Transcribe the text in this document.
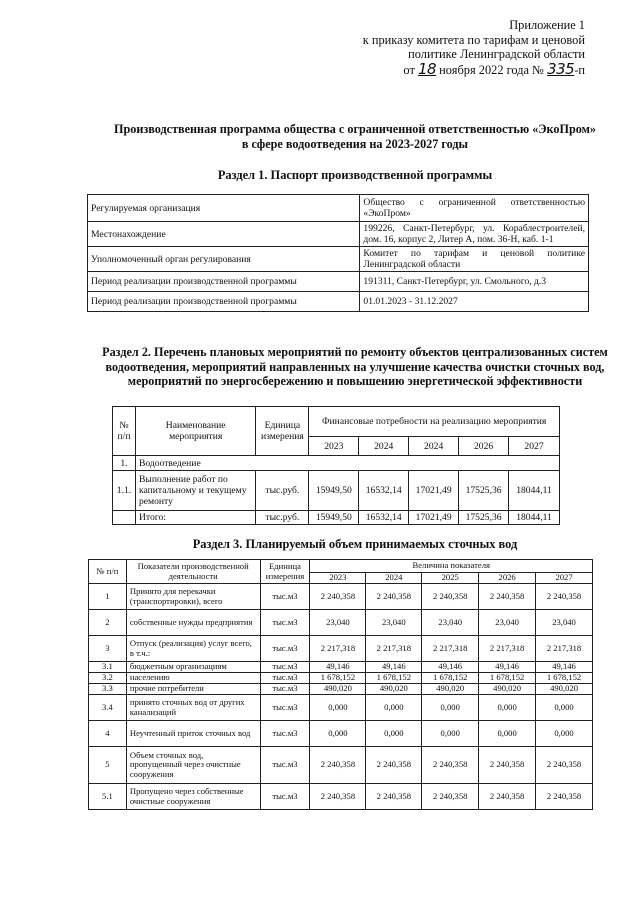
Приложение 1
к приказу комитета по тарифам и ценовой
политике Ленинградской области
от 18 ноября 2022 года № 335-п
Производственная программа общества с ограниченной ответственностью «ЭкоПром»
в сфере водоотведения на 2023-2027 годы
Раздел 1. Паспорт производственной программы
Регулируемая организация	Общество с ограниченной ответственностью «ЭкоПром»
Местонахождение	199226, Санкт-Петербург, ул. Кораблестроителей, дом. 16, корпус 2, Литер А, пом. 36-Н, каб. 1-1
Уполномоченный орган регулирования	Комитет по тарифам и ценовой политике Ленинградской области
Период реализации производственной программы	191311, Санкт-Петербург, ул. Смольного, д.3
Период реализации производственной программы	01.01.2023 - 31.12.2027
Раздел 2. Перечень плановых мероприятий по ремонту объектов централизованных систем
водоотведения, мероприятий направленных на улучшение качества очистки сточных вод,
мероприятий по энергосбережению и повышению энергетической эффективности
№ п/п	Наименование мероприятия	Единица измерения	Финансовые потребности на реализацию мероприятия				
			2023	2024	2024	2026	2027
1.	Водоотведение						
1.1.	Выполнение работ по капитальному и текущему ремонту	тыс.руб.	15949,50	16532,14	17021,49	17525,36	18044,11
	Итого:	тыс.руб.	15949,50	16532,14	17021,49	17525,36	18044,11
Раздел 3. Планируемый объем принимаемых сточных вод
№ п/п	Показатели производственной деятельности	Единица измерения	Величина показателя				
			2023	2024	2025	2026	2027
1	Принято для перекачки (транспортировки), всего	тыс.м3	2 240,358	2 240,358	2 240,358	2 240,358	2 240,358
2	собственные нужды предприятия	тыс.м3	23,040	23,040	23,040	23,040	23,040
3	Отпуск (реализация) услуг всего, в т.ч.:	тыс.м3	2 217,318	2 217,318	2 217,318	2 217,318	2 217,318
3.1	бюджетным организациям	тыс.м3	49,146	49,146	49,146	49,146	49,146
3.2	населению	тыс.м3	1 678,152	1 678,152	1 678,152	1 678,152	1 678,152
3.3	прочие потребители	тыс.м3	490,020	490,020	490,020	490,020	490,020
3.4	принято сточных вод от других канализаций	тыс.м3	0,000	0,000	0,000	0,000	0,000
4	Неучтенный приток сточных вод	тыс.м3	0,000	0,000	0,000	0,000	0,000
5	Объем сточных вод, пропущенный через очистные сооружения	тыс.м3	2 240,358	2 240,358	2 240,358	2 240,358	2 240,358
5.1	Пропущено через собственные очистные сооружения	тыс.м3	2 240,358	2 240,358	2 240,358	2 240,358	2 240,358
